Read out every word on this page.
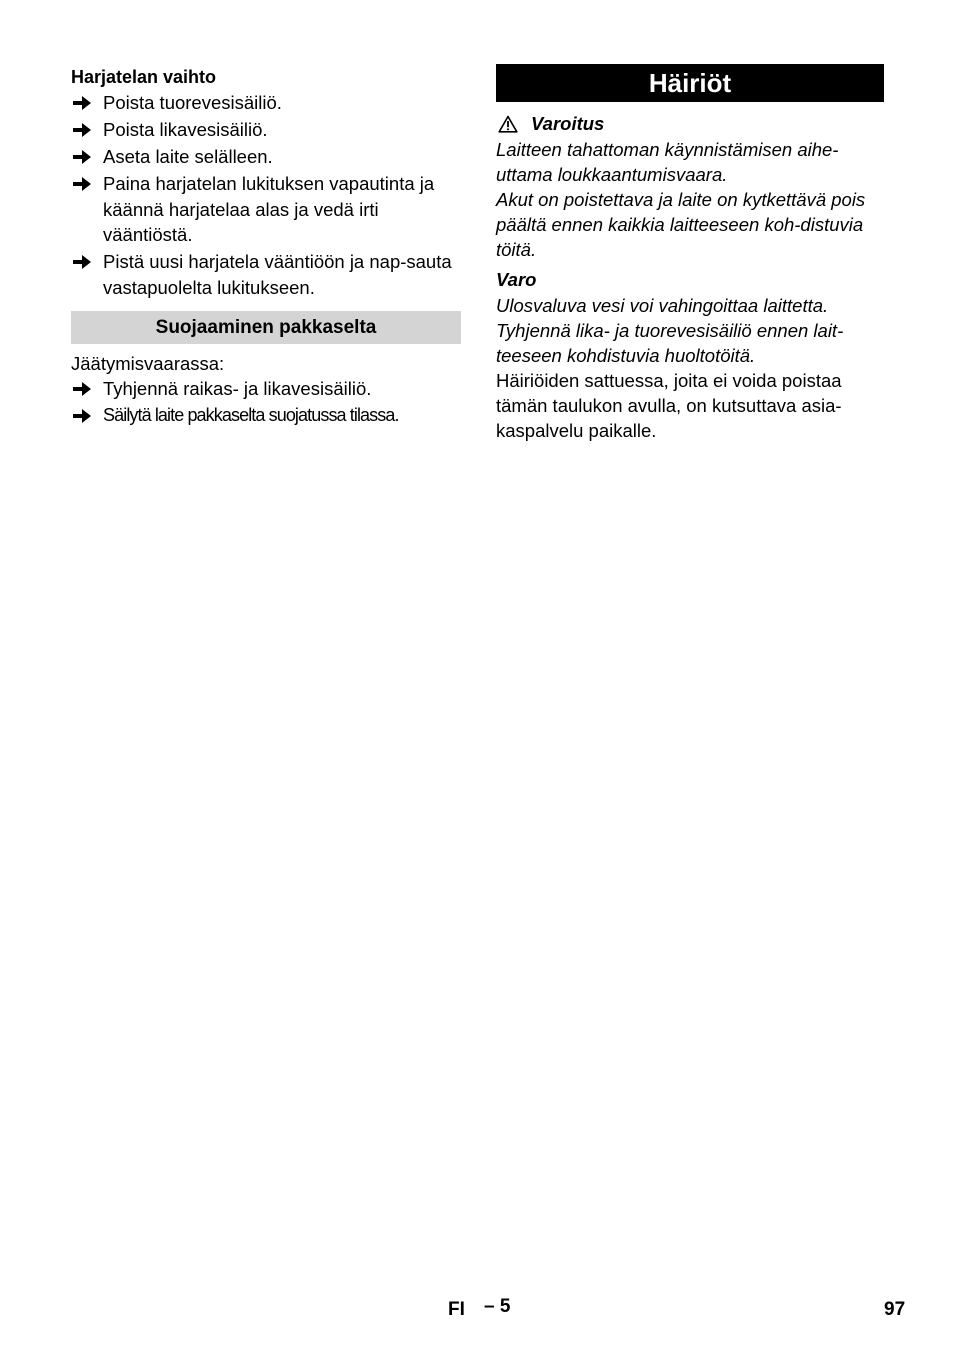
Harjatelan vaihto
Poista tuorevesisäiliö.
Poista likavesisäiliö.
Aseta laite selälleen.
Paina harjatelan lukituksen vapautinta ja käännä harjatelaa alas ja vedä irti vääntiöstä.
Pistä uusi harjatela vääntiöön ja nap-sauta vastapuolelta lukitukseen.
Suojaaminen pakkaselta

Jäätymisvaarassa:

Tyhjennä raikas- ja likavesisäiliö.
Säilytä laite pakkaselta suojatussa tilassa.
Häiriöt
Varoitus

Laitteen tahattoman käynnistämisen aihe-uttama loukkaantumisvaara.

Akut on poistettava ja laite on kytkettävä pois päältä ennen kaikkia laitteeseen koh-distuvia töitä.

Varo

Ulosvaluva vesi voi vahingoittaa laittetta.

Tyhjennä lika- ja tuorevesisäiliö ennen lait-teeseen kohdistuvia huoltotöitä.

Häiriöiden sattuessa, joita ei voida poistaa tämän taulukon avulla, on kutsuttava asia-kaspalvelu paikalle.

FI – 5	97
